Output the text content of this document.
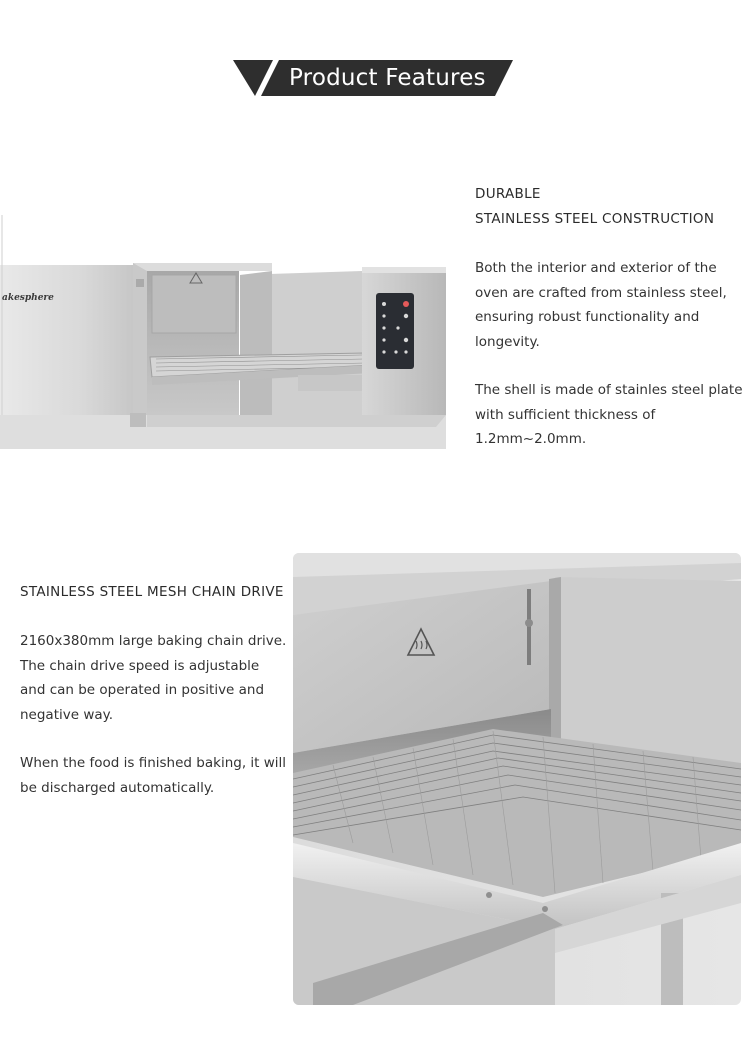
Product Features
akesphere

DURABLE

STAINLESS STEEL CONSTRUCTION

Both the interior and exterior of the oven are crafted from stainless steel, ensuring robust functionality and longevity.

The shell is made of stainles steel plate with sufficient thickness of 1.2mm~2.0mm.

STAINLESS STEEL MESH CHAIN DRIVE

2160x380mm large baking chain drive. The chain drive speed is adjustable and can be operated in positive and negative way.

When the food is finished baking, it will be discharged automatically.
